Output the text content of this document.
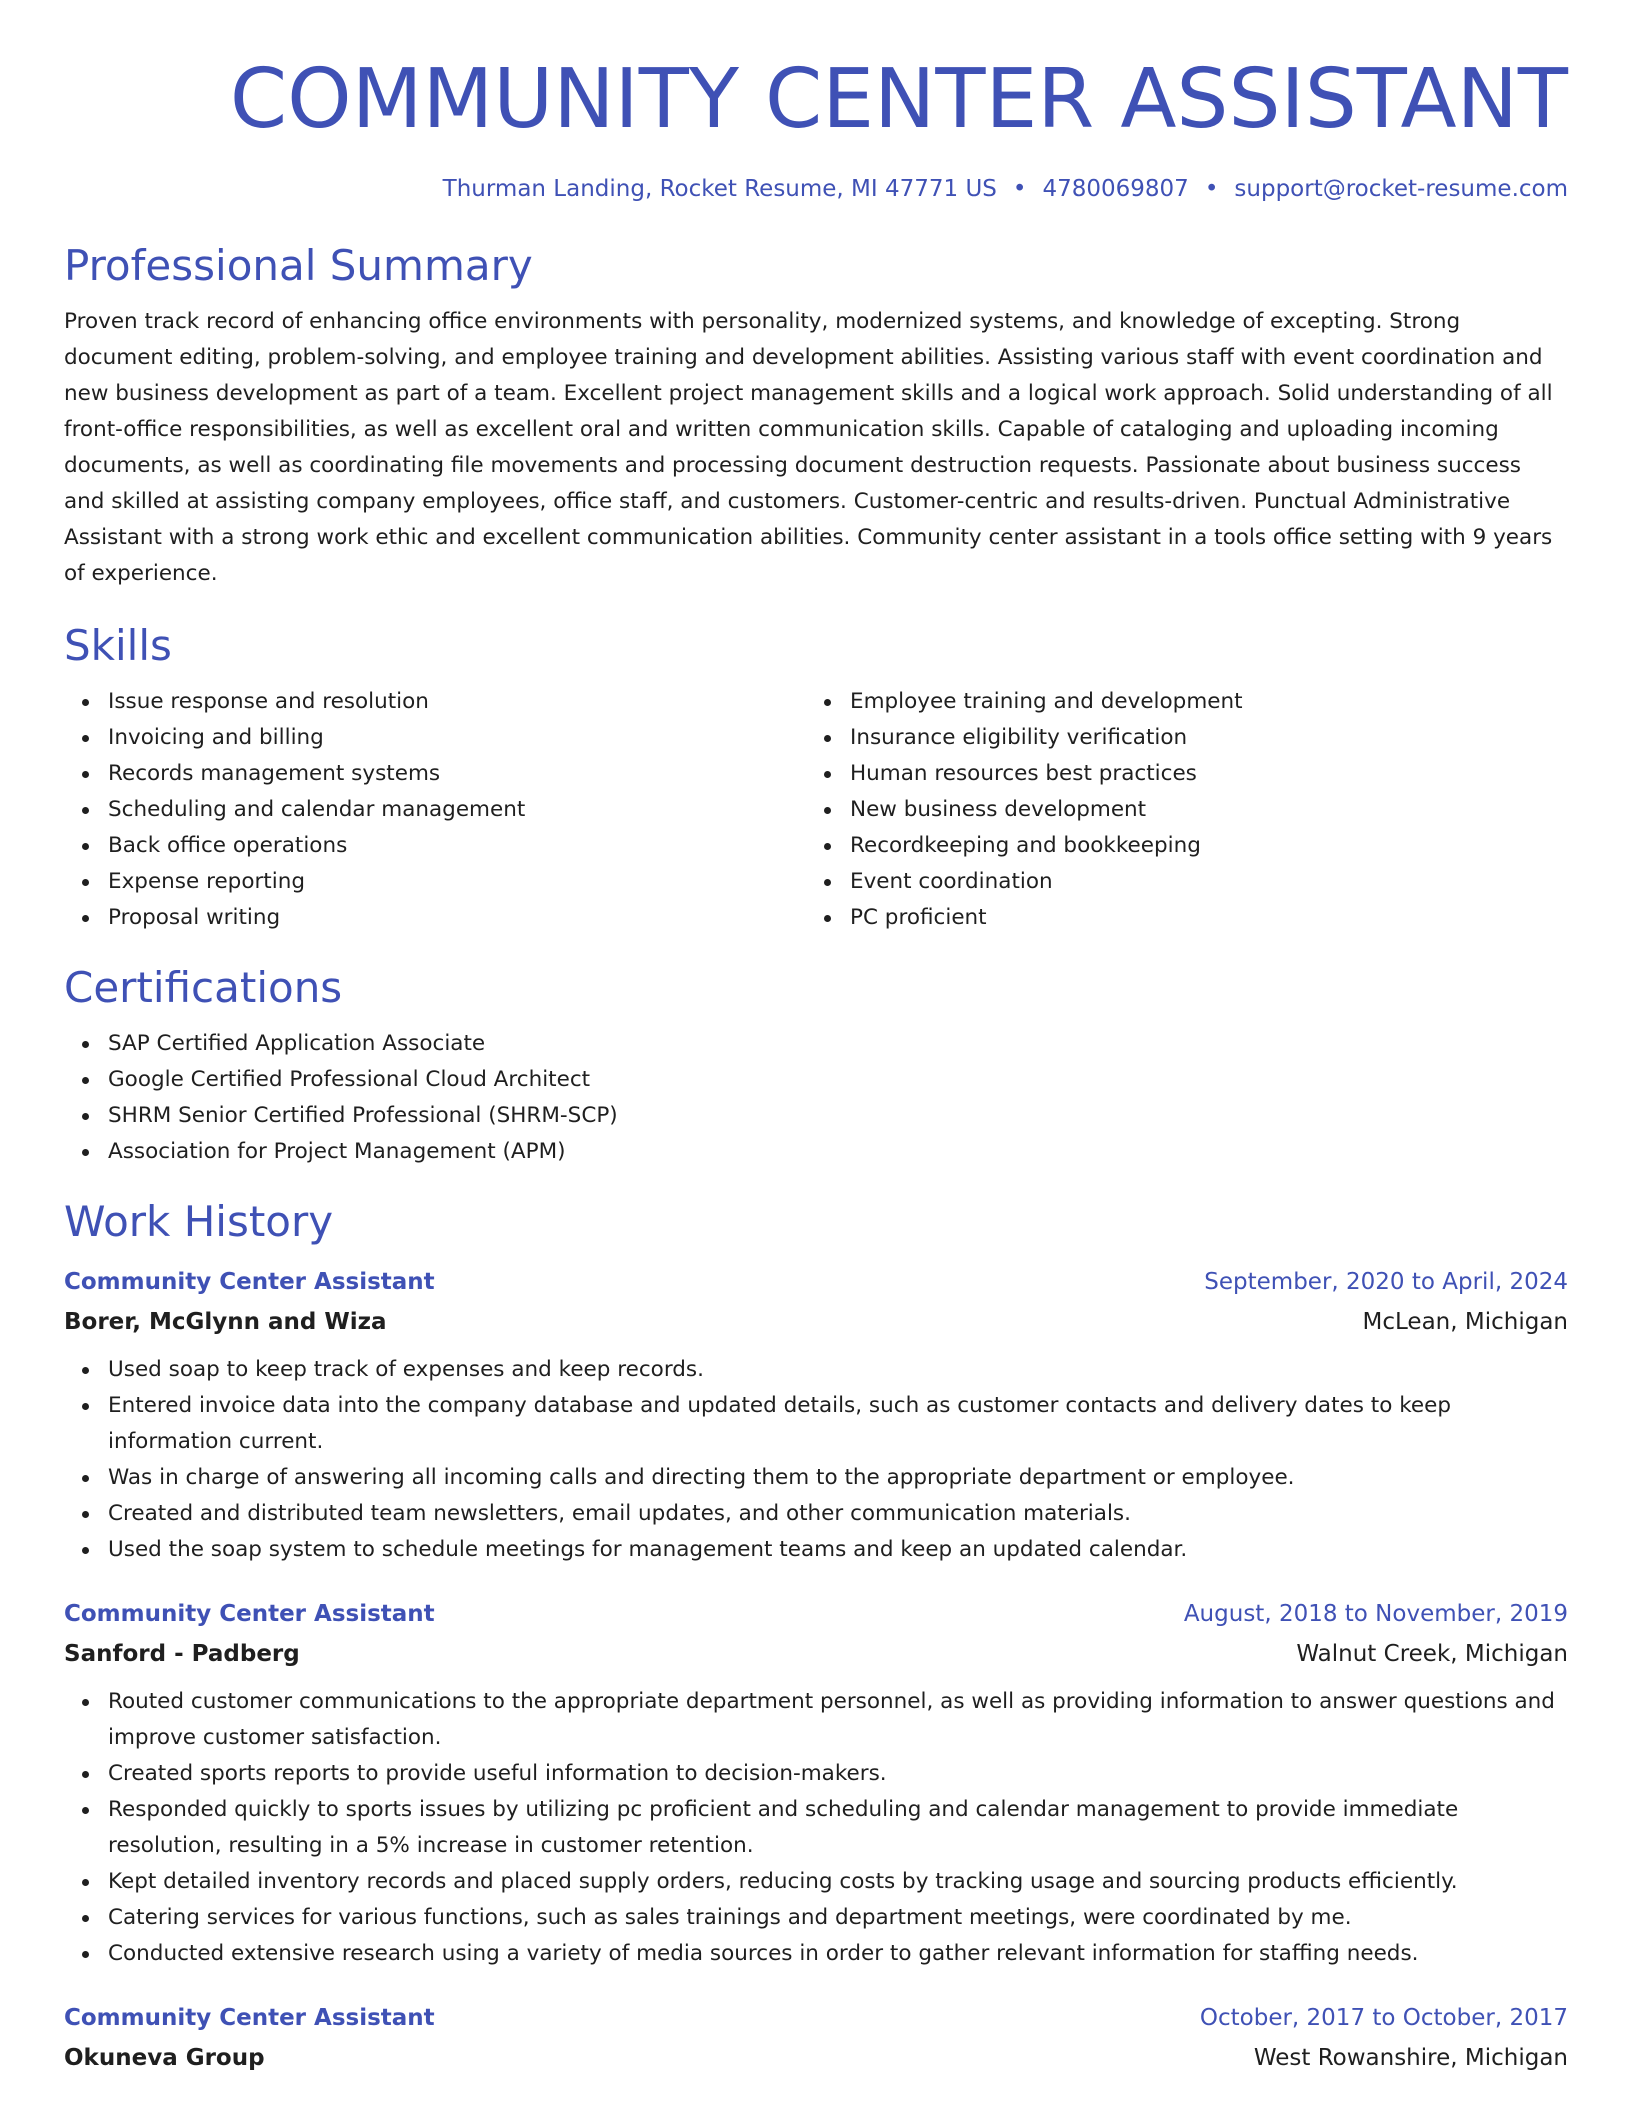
COMMUNITY CENTER ASSISTANT
Thurman Landing, Rocket Resume, MI 47771 US • 4780069807 • support@rocket-resume.com
Professional Summary

Proven track record of enhancing office environments with personality, modernized systems, and knowledge of excepting. Strong document editing, problem-solving, and employee training and development abilities. Assisting various staff with event coordination and new business development as part of a team. Excellent project management skills and a logical work approach. Solid understanding of all front-office responsibilities, as well as excellent oral and written communication skills. Capable of cataloging and uploading incoming documents, as well as coordinating file movements and processing document destruction requests. Passionate about business success and skilled at assisting company employees, office staff, and customers. Customer-centric and results-driven. Punctual Administrative Assistant with a strong work ethic and excellent communication abilities. Community center assistant in a tools office setting with 9 years of experience.

Skills
Issue response and resolution
Invoicing and billing
Records management systems
Scheduling and calendar management
Back office operations
Expense reporting
Proposal writing
Employee training and development
Insurance eligibility verification
Human resources best practices
New business development
Recordkeeping and bookkeeping
Event coordination
PC proficient
Certifications
SAP Certified Application Associate
Google Certified Professional Cloud Architect
SHRM Senior Certified Professional (SHRM-SCP)
Association for Project Management (APM)
Work History
Community Center Assistant	September, 2020 to April, 2024
Borer, McGlynn and Wiza	McLean, Michigan
Used soap to keep track of expenses and keep records.
Entered invoice data into the company database and updated details, such as customer contacts and delivery dates to keep information current.
Was in charge of answering all incoming calls and directing them to the appropriate department or employee.
Created and distributed team newsletters, email updates, and other communication materials.
Used the soap system to schedule meetings for management teams and keep an updated calendar.
Community Center Assistant	August, 2018 to November, 2019
Sanford - Padberg	Walnut Creek, Michigan
Routed customer communications to the appropriate department personnel, as well as providing information to answer questions and improve customer satisfaction.
Created sports reports to provide useful information to decision-makers.
Responded quickly to sports issues by utilizing pc proficient and scheduling and calendar management to provide immediate resolution, resulting in a 5% increase in customer retention.
Kept detailed inventory records and placed supply orders, reducing costs by tracking usage and sourcing products efficiently.
Catering services for various functions, such as sales trainings and department meetings, were coordinated by me.
Conducted extensive research using a variety of media sources in order to gather relevant information for staffing needs.
Community Center Assistant	October, 2017 to October, 2017
Okuneva Group	West Rowanshire, Michigan
